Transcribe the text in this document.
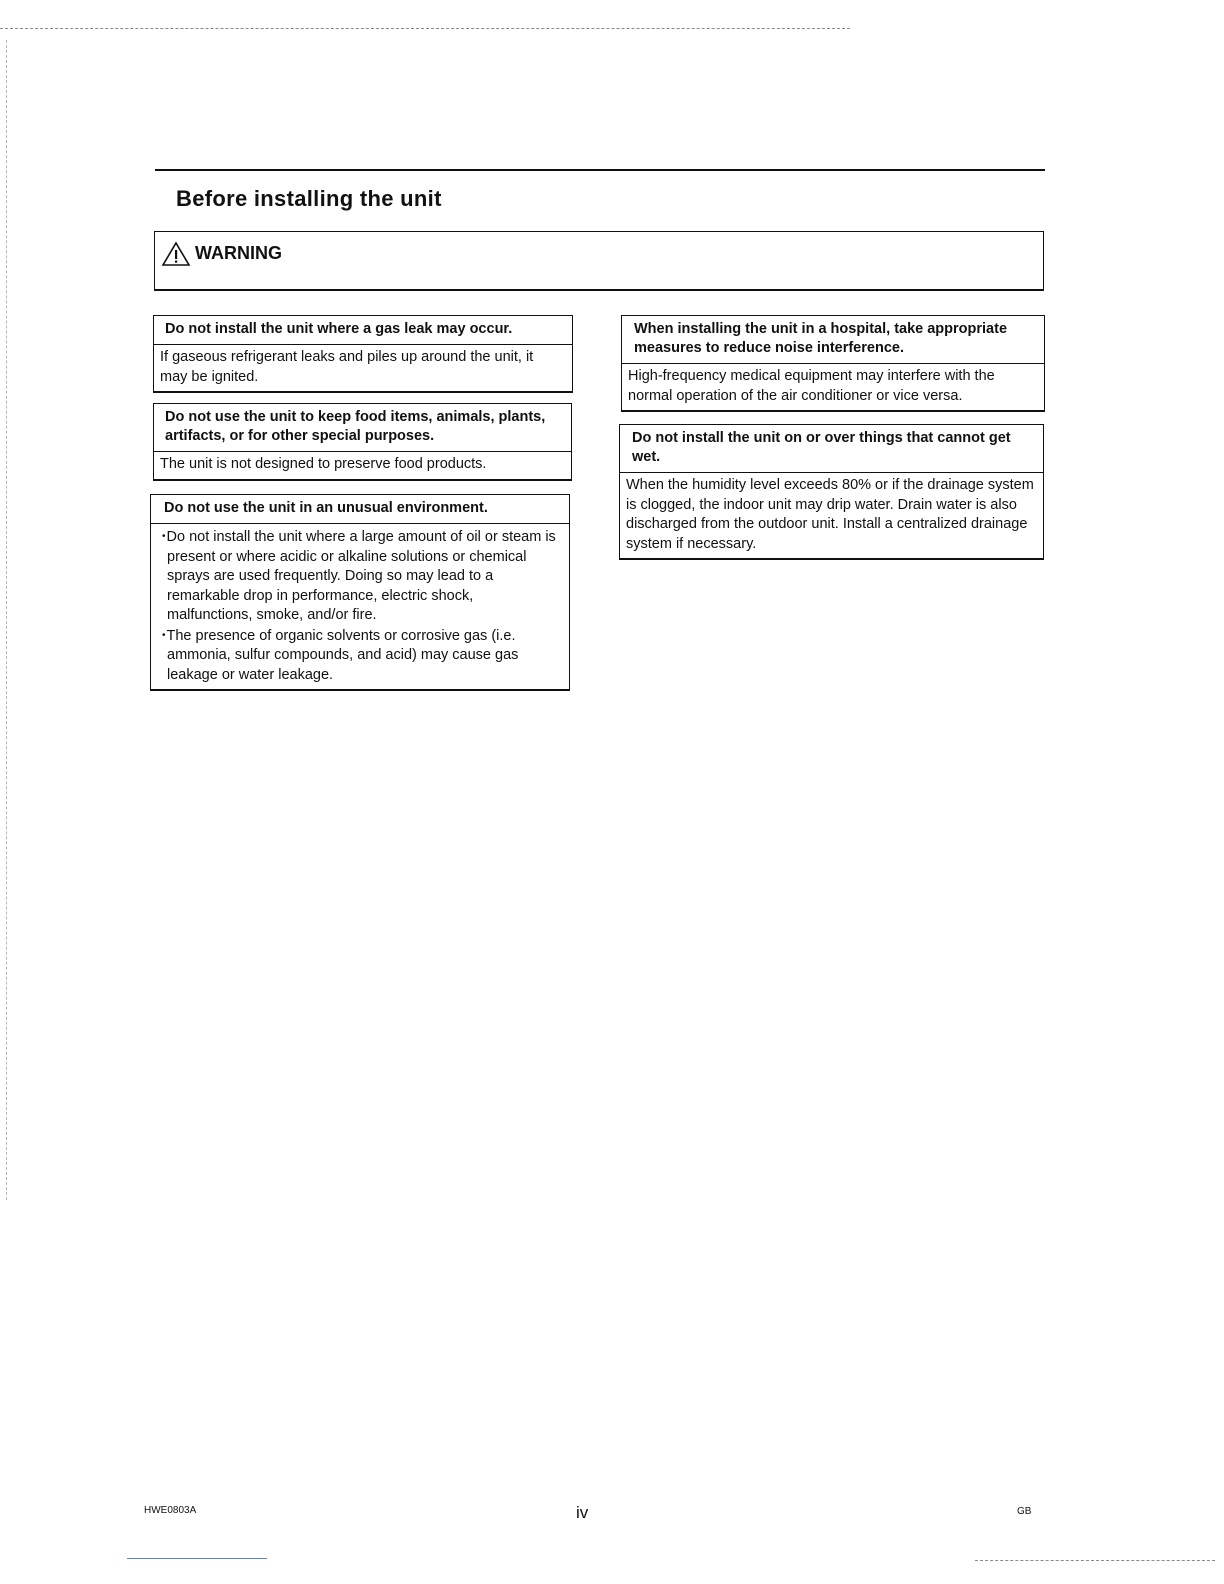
Before installing the unit
WARNING
Do not install the unit where a gas leak may occur.
If gaseous refrigerant leaks and piles up around the unit, it may be ignited.
Do not use the unit to keep food items, animals, plants, artifacts, or for other special purposes.
The unit is not designed to preserve food products.
Do not use the unit in an unusual environment.
• Do not install the unit where a large amount of oil or steam is present or where acidic or alkaline solutions or chemical sprays are used frequently. Doing so may lead to a remarkable drop in performance, electric shock, malfunctions, smoke, and/or fire.
• The presence of organic solvents or corrosive gas (i.e. ammonia, sulfur compounds, and acid) may cause gas leakage or water leakage.
When installing the unit in a hospital, take appropriate measures to reduce noise interference.
High-frequency medical equipment may interfere with the normal operation of the air conditioner or vice versa.
Do not install the unit on or over things that cannot get wet.
When the humidity level exceeds 80% or if the drainage system is clogged, the indoor unit may drip water. Drain water is also discharged from the outdoor unit. Install a centralized drainage system if necessary.
HWE0803A	iv	GB
